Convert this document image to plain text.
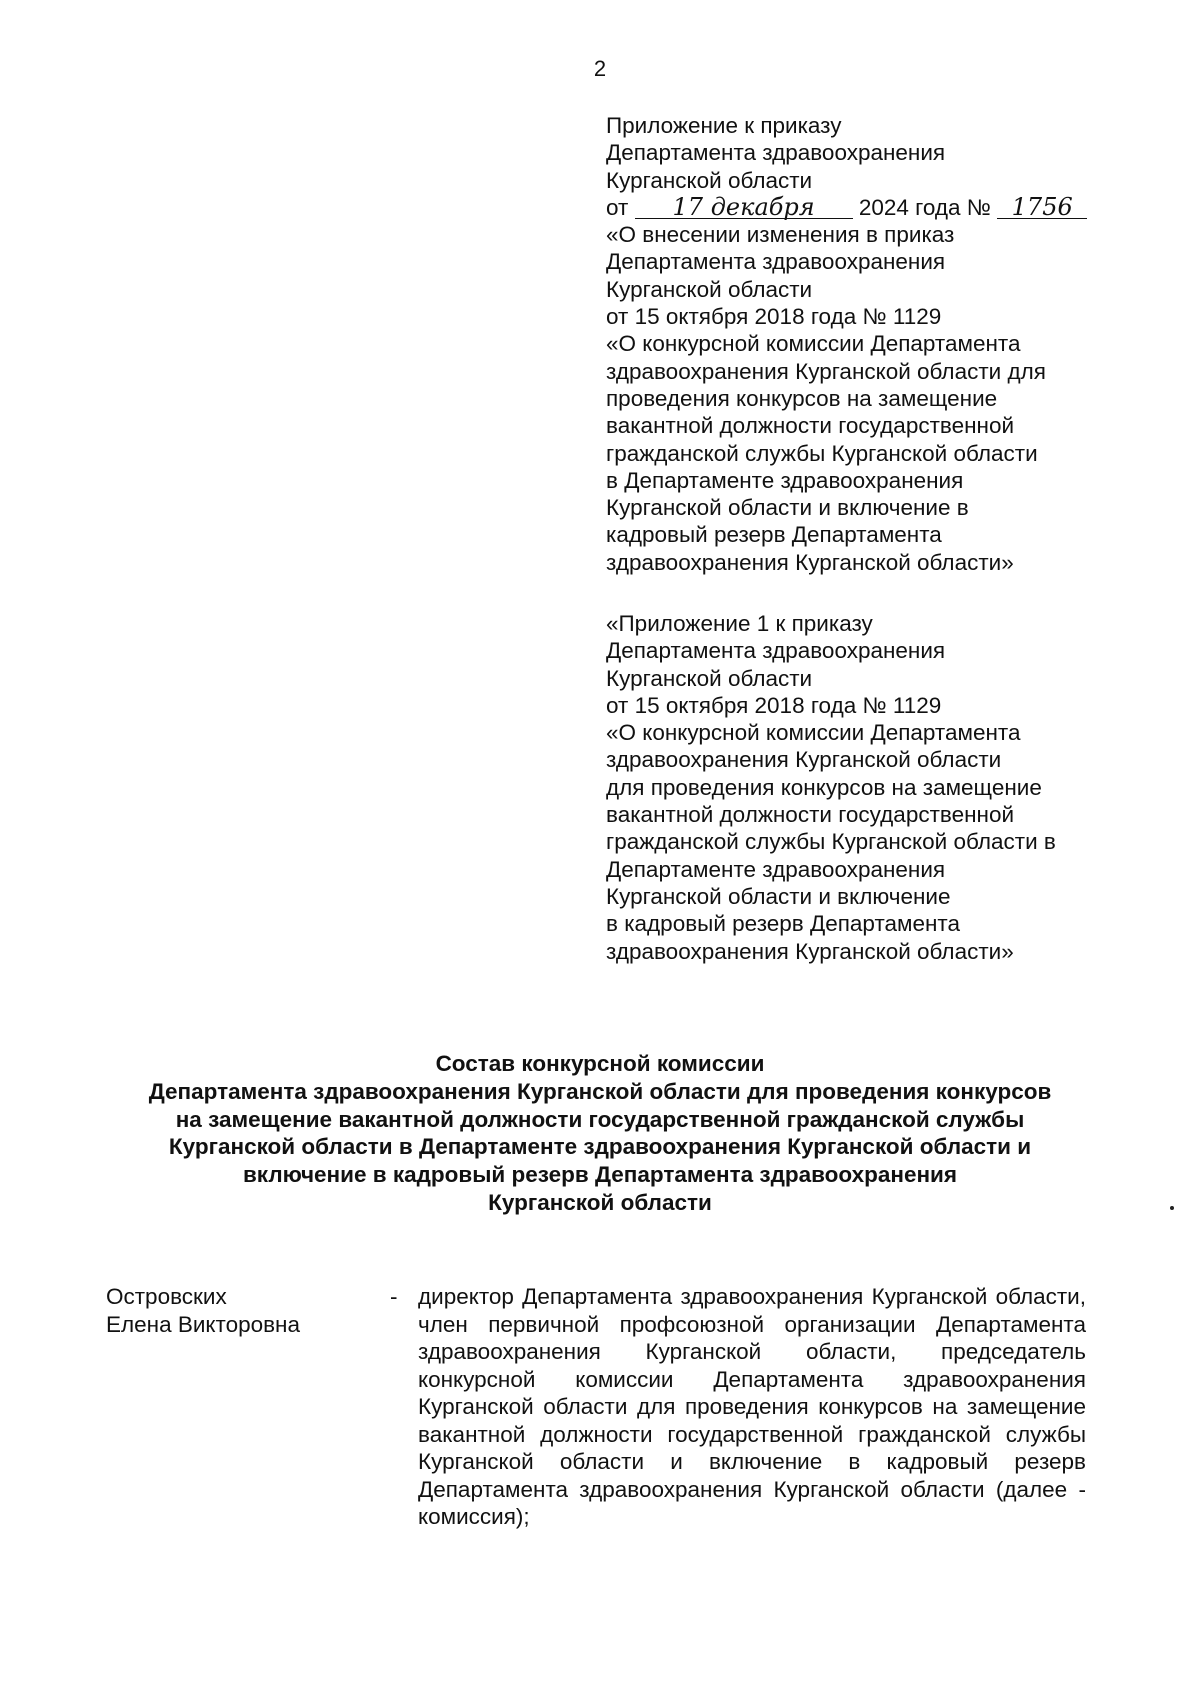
2
Приложение к приказу
Департамента здравоохранения
Курганской области
от 17 декабря 2024 года № 1756
«О внесении изменения в приказ
Департамента здравоохранения
Курганской области
от 15 октября 2018 года № 1129
«О конкурсной комиссии Департамента
здравоохранения Курганской области для
проведения конкурсов на замещение
вакантной должности государственной
гражданской службы Курганской области
в Департаменте здравоохранения
Курганской области и включение в
кадровый резерв Департамента
здравоохранения Курганской области»
«Приложение 1 к приказу
Департамента здравоохранения
Курганской области
от 15 октября 2018 года № 1129
«О конкурсной комиссии Департамента
здравоохранения Курганской области
для проведения конкурсов на замещение
вакантной должности государственной
гражданской службы Курганской области в
Департаменте здравоохранения
Курганской области и включение
в кадровый резерв Департамента
здравоохранения Курганской области»
Состав конкурсной комиссии
Департамента здравоохранения Курганской области для проведения конкурсов
на замещение вакантной должности государственной гражданской службы
Курганской области в Департаменте здравоохранения Курганской области и
включение в кадровый резерв Департамента здравоохранения
Курганской области
Островских
Елена Викторовна
- директор Департамента здравоохранения Курганской области, член первичной профсоюзной организации Департамента здравоохранения Курганской области, председатель конкурсной комиссии Департамента здравоохранения Курганской области для проведения конкурсов на замещение вакантной должности государственной гражданской службы Курганской области и включение в кадровый резерв Департамента здравоохранения Курганской области (далее - комиссия);
